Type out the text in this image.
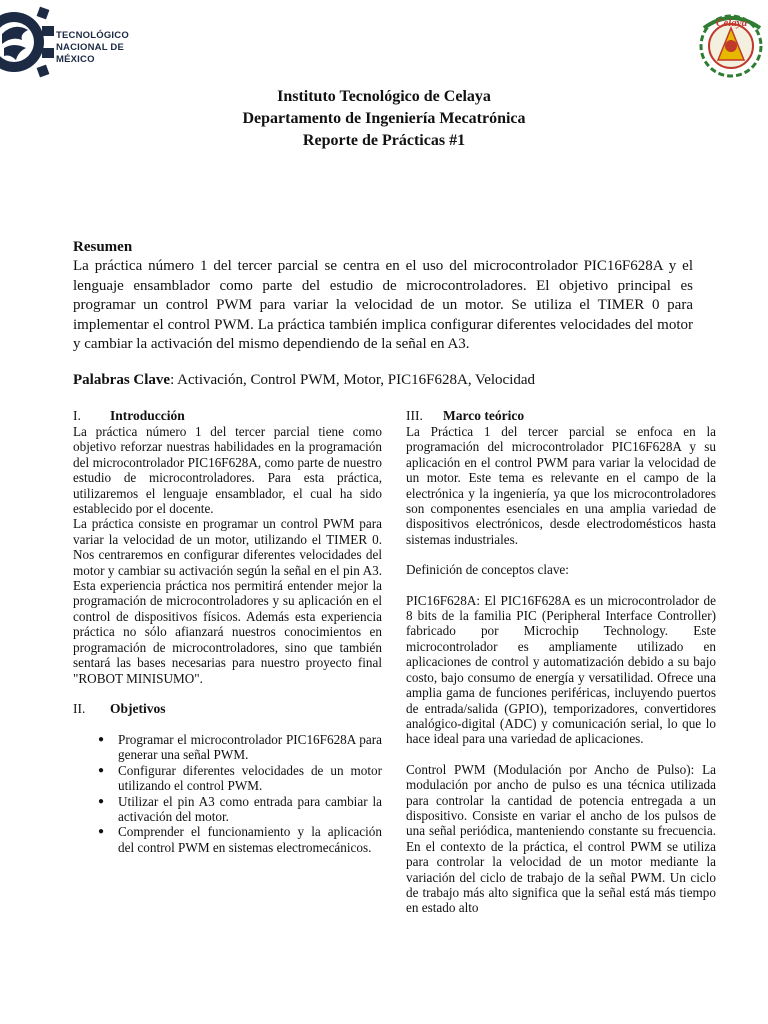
TECNOLÓGICO
NACIONAL DE MÉXICO
Celaya
Instituto Tecnológico de Celaya
Departamento de Ingeniería Mecatrónica
Reporte de Prácticas #1
Resumen

La práctica número 1 del tercer parcial se centra en el uso del microcontrolador PIC16F628A y el lenguaje ensamblador como parte del estudio de microcontroladores. El objetivo principal es programar un control PWM para variar la velocidad de un motor. Se utiliza el TIMER 0 para implementar el control PWM. La práctica también implica configurar diferentes velocidades del motor y cambiar la activación del mismo dependiendo de la señal en A3.

Palabras Clave: Activación, Control PWM, Motor, PIC16F628A, Velocidad
I.	Introducción

La práctica número 1 del tercer parcial tiene como objetivo reforzar nuestras habilidades en la programación del microcontrolador PIC16F628A, como parte de nuestro estudio de microcontroladores. Para esta práctica, utilizaremos el lenguaje ensamblador, el cual ha sido establecido por el docente.

La práctica consiste en programar un control PWM para variar la velocidad de un motor, utilizando el TIMER 0. Nos centraremos en configurar diferentes velocidades del motor y cambiar su activación según la señal en el pin A3. Esta experiencia práctica nos permitirá entender mejor la programación de microcontroladores y su aplicación en el control de dispositivos físicos. Además esta experiencia práctica no sólo afianzará nuestros conocimientos en programación de microcontroladores, sino que también sentará las bases necesarias para nuestro proyecto final "ROBOT MINISUMO".

II.	Objetivos
● Programar el microcontrolador PIC16F628A para generar una señal PWM.
● Configurar diferentes velocidades de un motor utilizando el control PWM.
● Utilizar el pin A3 como entrada para cambiar la activación del motor.
● Comprender el funcionamiento y la aplicación del control PWM en sistemas electromecánicos.
III.	Marco teórico

La Práctica 1 del tercer parcial se enfoca en la programación del microcontrolador PIC16F628A y su aplicación en el control PWM para variar la velocidad de un motor. Este tema es relevante en el campo de la electrónica y la ingeniería, ya que los microcontroladores son componentes esenciales en una amplia variedad de dispositivos electrónicos, desde electrodomésticos hasta sistemas industriales.

Definición de conceptos clave:

PIC16F628A: El PIC16F628A es un microcontrolador de 8 bits de la familia PIC (Peripheral Interface Controller) fabricado por Microchip Technology. Este microcontrolador es ampliamente utilizado en aplicaciones de control y automatización debido a su bajo costo, bajo consumo de energía y versatilidad. Ofrece una amplia gama de funciones periféricas, incluyendo puertos de entrada/salida (GPIO), temporizadores, convertidores analógico-digital (ADC) y comunicación serial, lo que lo hace ideal para una variedad de aplicaciones.

Control PWM (Modulación por Ancho de Pulso): La modulación por ancho de pulso es una técnica utilizada para controlar la cantidad de potencia entregada a un dispositivo. Consiste en variar el ancho de los pulsos de una señal periódica, manteniendo constante su frecuencia. En el contexto de la práctica, el control PWM se utiliza para controlar la velocidad de un motor mediante la variación del ciclo de trabajo de la señal PWM. Un ciclo de trabajo más alto significa que la señal está más tiempo en estado alto
